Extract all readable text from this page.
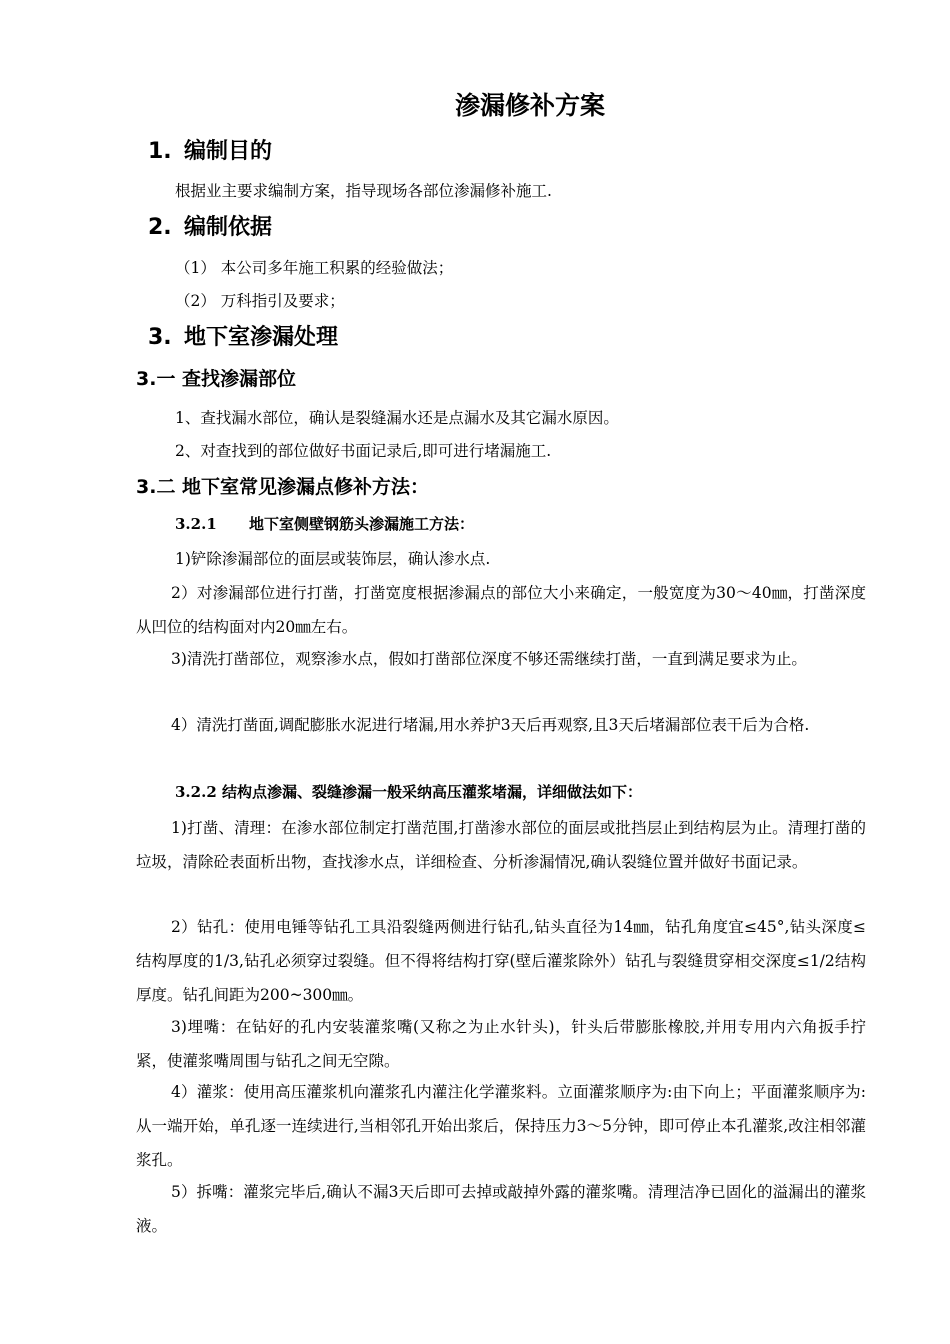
渗漏修补方案
1. 编制目的

根据业主要求编制方案，指导现场各部位渗漏修补施工.

2. 编制依据

（1） 本公司多年施工积累的经验做法；

（2） 万科指引及要求；

3. 地下室渗漏处理
3.一 查找渗漏部位

1、查找漏水部位，确认是裂缝漏水还是点漏水及其它漏水原因。

2、对查找到的部位做好书面记录后,即可进行堵漏施工.

3.二 地下室常见渗漏点修补方法：
3.2.1 地下室侧壁钢筋头渗漏施工方法：

1)铲除渗漏部位的面层或装饰层，确认渗水点.

2）对渗漏部位进行打凿，打凿宽度根据渗漏点的部位大小来确定，一般宽度为30～40㎜，打凿深度从凹位的结构面对内20㎜左右。

3)清洗打凿部位，观察渗水点，假如打凿部位深度不够还需继续打凿，一直到满足要求为止。

4）清洗打凿面,调配膨胀水泥进行堵漏,用水养护3天后再观察,且3天后堵漏部位表干后为合格.

3.2.2 结构点渗漏、裂缝渗漏一般采纳高压灌浆堵漏，详细做法如下：

1)打凿、清理：在渗水部位制定打凿范围,打凿渗水部位的面层或批挡层止到结构层为止。清理打凿的垃圾，清除砼表面析出物，查找渗水点，详细检查、分析渗漏情况,确认裂缝位置并做好书面记录。

2）钻孔：使用电锤等钻孔工具沿裂缝两侧进行钻孔,钻头直径为14㎜，钻孔角度宜≤45°,钻头深度≤结构厚度的1/3,钻孔必须穿过裂缝。但不得将结构打穿(壁后灌浆除外）钻孔与裂缝贯穿相交深度≤1/2结构厚度。钻孔间距为200~300㎜。

3)埋嘴：在钻好的孔内安装灌浆嘴(又称之为止水针头)，针头后带膨胀橡胶,并用专用内六角扳手拧紧，使灌浆嘴周围与钻孔之间无空隙。

4）灌浆：使用高压灌浆机向灌浆孔内灌注化学灌浆料。立面灌浆顺序为:由下向上；平面灌浆顺序为:从一端开始，单孔逐一连续进行,当相邻孔开始出浆后，保持压力3～5分钟，即可停止本孔灌浆,改注相邻灌浆孔。

5）拆嘴：灌浆完毕后,确认不漏3天后即可去掉或敲掉外露的灌浆嘴。清理洁净已固化的溢漏出的灌浆液。
